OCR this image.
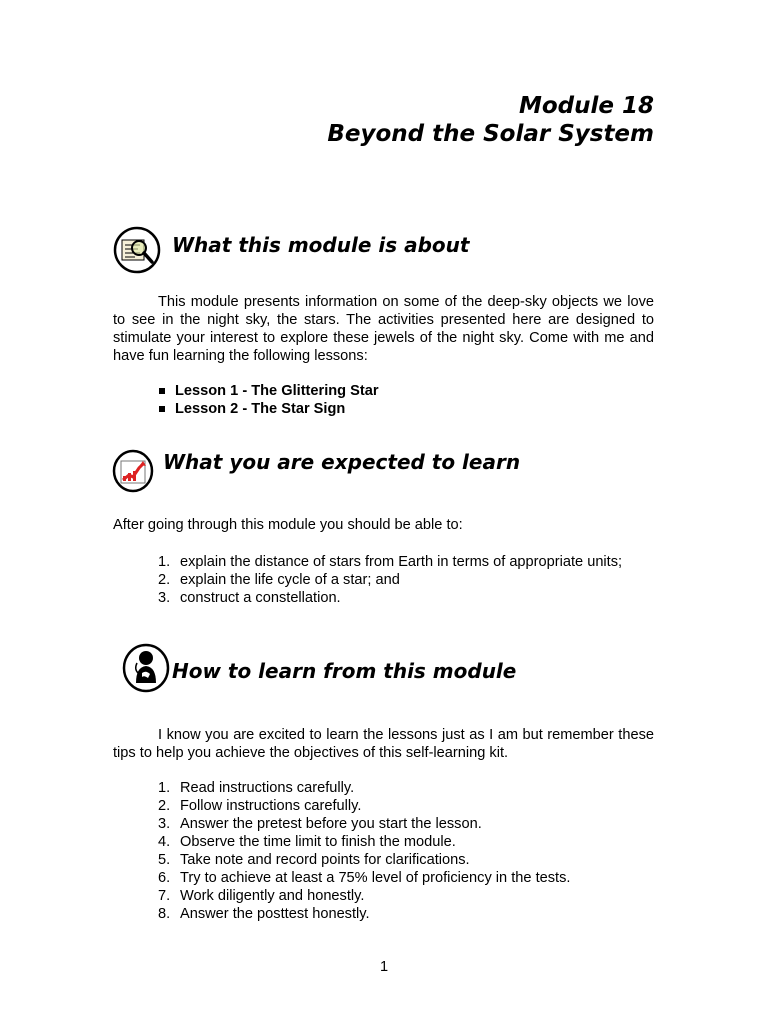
Module 18
Beyond the Solar System
What this module is about
This module presents information on some of the deep-sky objects we love to see in the night sky, the stars. The activities presented here are designed to stimulate your interest to explore these jewels of the night sky. Come with me and have fun learning the following lessons:
Lesson 1 - The Glittering Star
Lesson 2 - The Star Sign
What you are expected to learn
After going through this module you should be able to:
1. explain the distance of stars from Earth in terms of appropriate units;
2. explain the life cycle of a star; and
3. construct a constellation.
How to learn from this module
I know you are excited to learn the lessons just as I am but remember these tips to help you achieve the objectives of this self-learning kit.
1. Read instructions carefully.
2. Follow instructions carefully.
3. Answer the pretest before you start the lesson.
4. Observe the time limit to finish the module.
5. Take note and record points for clarifications.
6. Try to achieve at least a 75% level of proficiency in the tests.
7. Work diligently and honestly.
8. Answer the posttest honestly.
1
